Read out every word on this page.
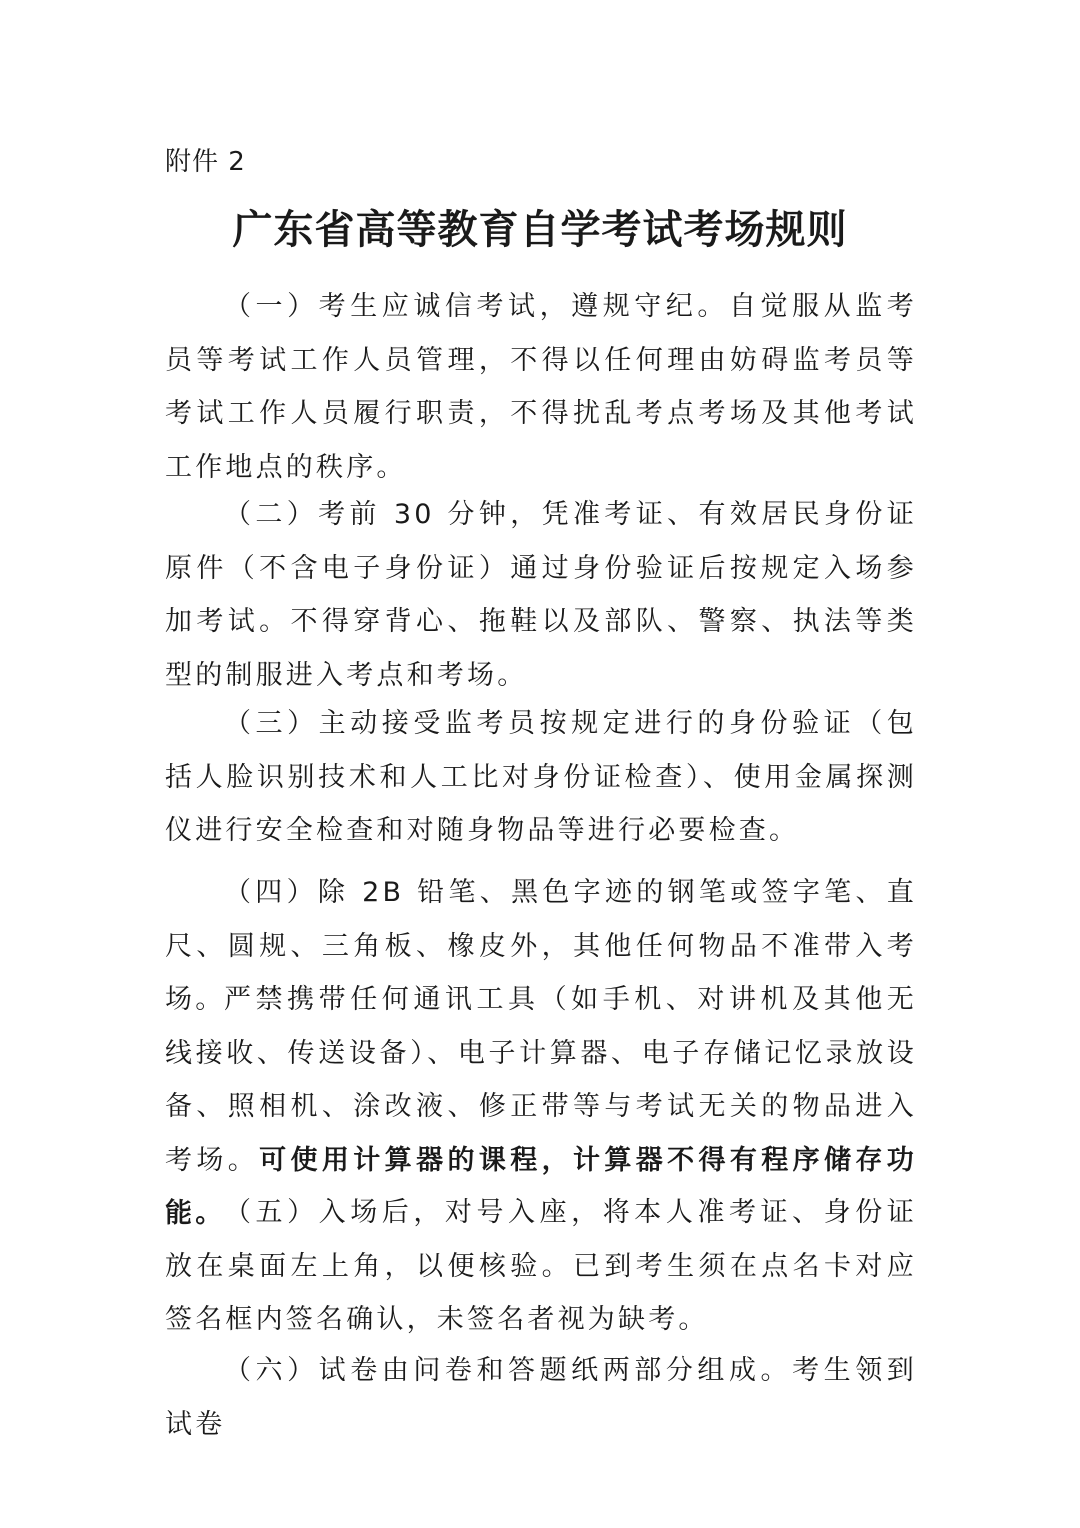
附件 2
广东省高等教育自学考试考场规则

（一）考生应诚信考试，遵规守纪。自觉服从监考员等考试工作人员管理，不得以任何理由妨碍监考员等考试工作人员履行职责，不得扰乱考点考场及其他考试工作地点的秩序。

（二）考前 30 分钟，凭准考证、有效居民身份证原件（不含电子身份证）通过身份验证后按规定入场参加考试。不得穿背心、拖鞋以及部队、警察、执法等类型的制服进入考点和考场。

（三）主动接受监考员按规定进行的身份验证（包括人脸识别技术和人工比对身份证检查）、使用金属探测仪进行安全检查和对随身物品等进行必要检查。

（四）除 2B 铅笔、黑色字迹的钢笔或签字笔、直尺、圆规、三角板、橡皮外，其他任何物品不准带入考场。

严禁携带任何通讯工具（如手机、对讲机及其他无线接收、传送设备）、电子计算器、电子存储记忆录放设备、照相机、涂改液、修正带等与考试无关的物品进入考场。可使用计算器的课程，计算器不得有程序储存功能。

（五）入场后，对号入座，将本人准考证、身份证放在桌面左上角，以便核验。已到考生须在点名卡对应签名框内签名确认，未签名者视为缺考。

（六）试卷由问卷和答题纸两部分组成。考生领到试卷
